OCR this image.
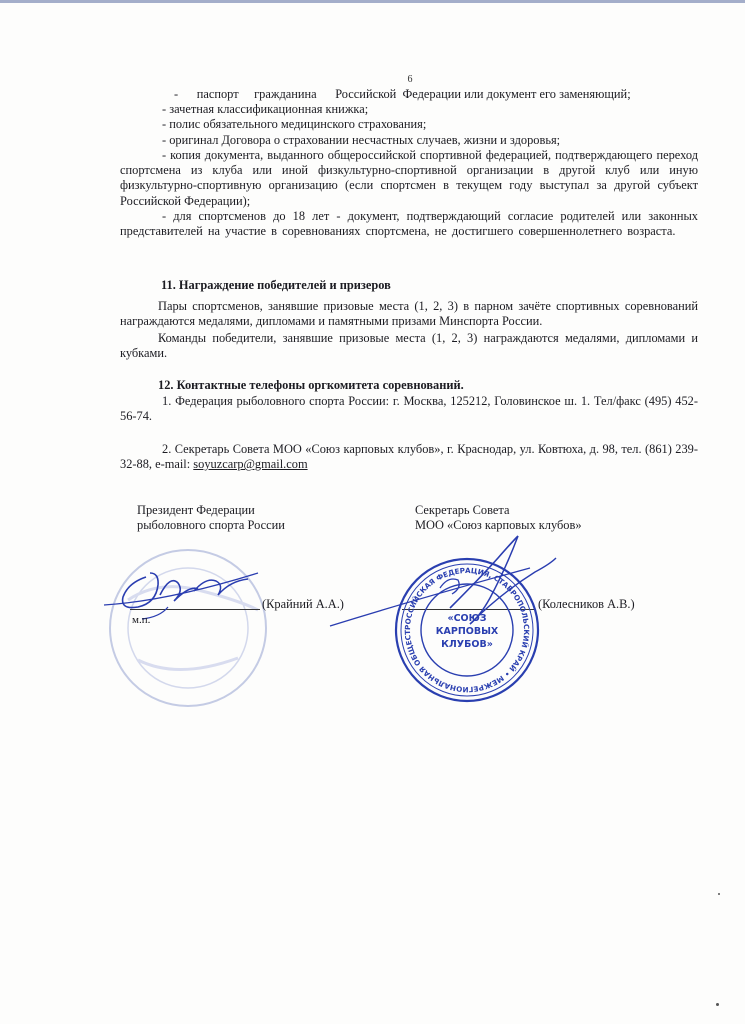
6
-      паспорт     гражданина      Российской  Федерации или документ его заменяющий;
- зачетная классификационная книжка;
- полис обязательного медицинского страхования;
- оригинал Договора о страховании несчастных случаев, жизни и здоровья;
- копия документа, выданного общероссийской спортивной федерацией, подтверждающего переход спортсмена из клуба или иной физкультурно-спортивной организации в другой клуб или иную физкультурно-спортивную организацию (если спортсмен в текущем году выступал за другой субъект Российской Федерации);
- для спортсменов до 18 лет - документ, подтверждающий согласие родителей или законных представителей на участие в соревнованиях спортсмена, не достигшего совершеннолетнего возраста.
11. Награждение победителей и призеров
Пары спортсменов, занявшие призовые места (1, 2, 3) в парном зачёте спортивных соревнований награждаются медалями, дипломами и памятными призами Минспорта России.
Команды победители, занявшие призовые места (1, 2, 3) награждаются медалями, дипломами и кубками.
12. Контактные телефоны оргкомитета соревнований.
1. Федерация рыболовного спорта России: г. Москва, 125212, Головинское ш. 1. Тел/факс (495) 452-56-74.
2. Секретарь Совета МОО «Союз карповых клубов», г. Краснодар, ул. Ковтюха, д. 98, тел. (861) 239-32-88, e-mail: soyuzcarp@gmail.com
Президент Федерации
рыболовного спорта России
Секретарь Совета
МОО «Союз карповых клубов»
(Крайний А.А.)
м.п.
(Колесников А.В.)
РОССИЙСКАЯ ФЕДЕРАЦИЯ, СТАВРОПОЛЬСКИЙ КРАЙ • МЕЖРЕГИОНАЛЬНАЯ ОБЩЕСТВЕННАЯ ОРГАНИЗАЦИЯ • ИНН 2632913703 ОГРН 11626 •
«СОЮЗ
КАРПОВЫХ
КЛУБОВ»
